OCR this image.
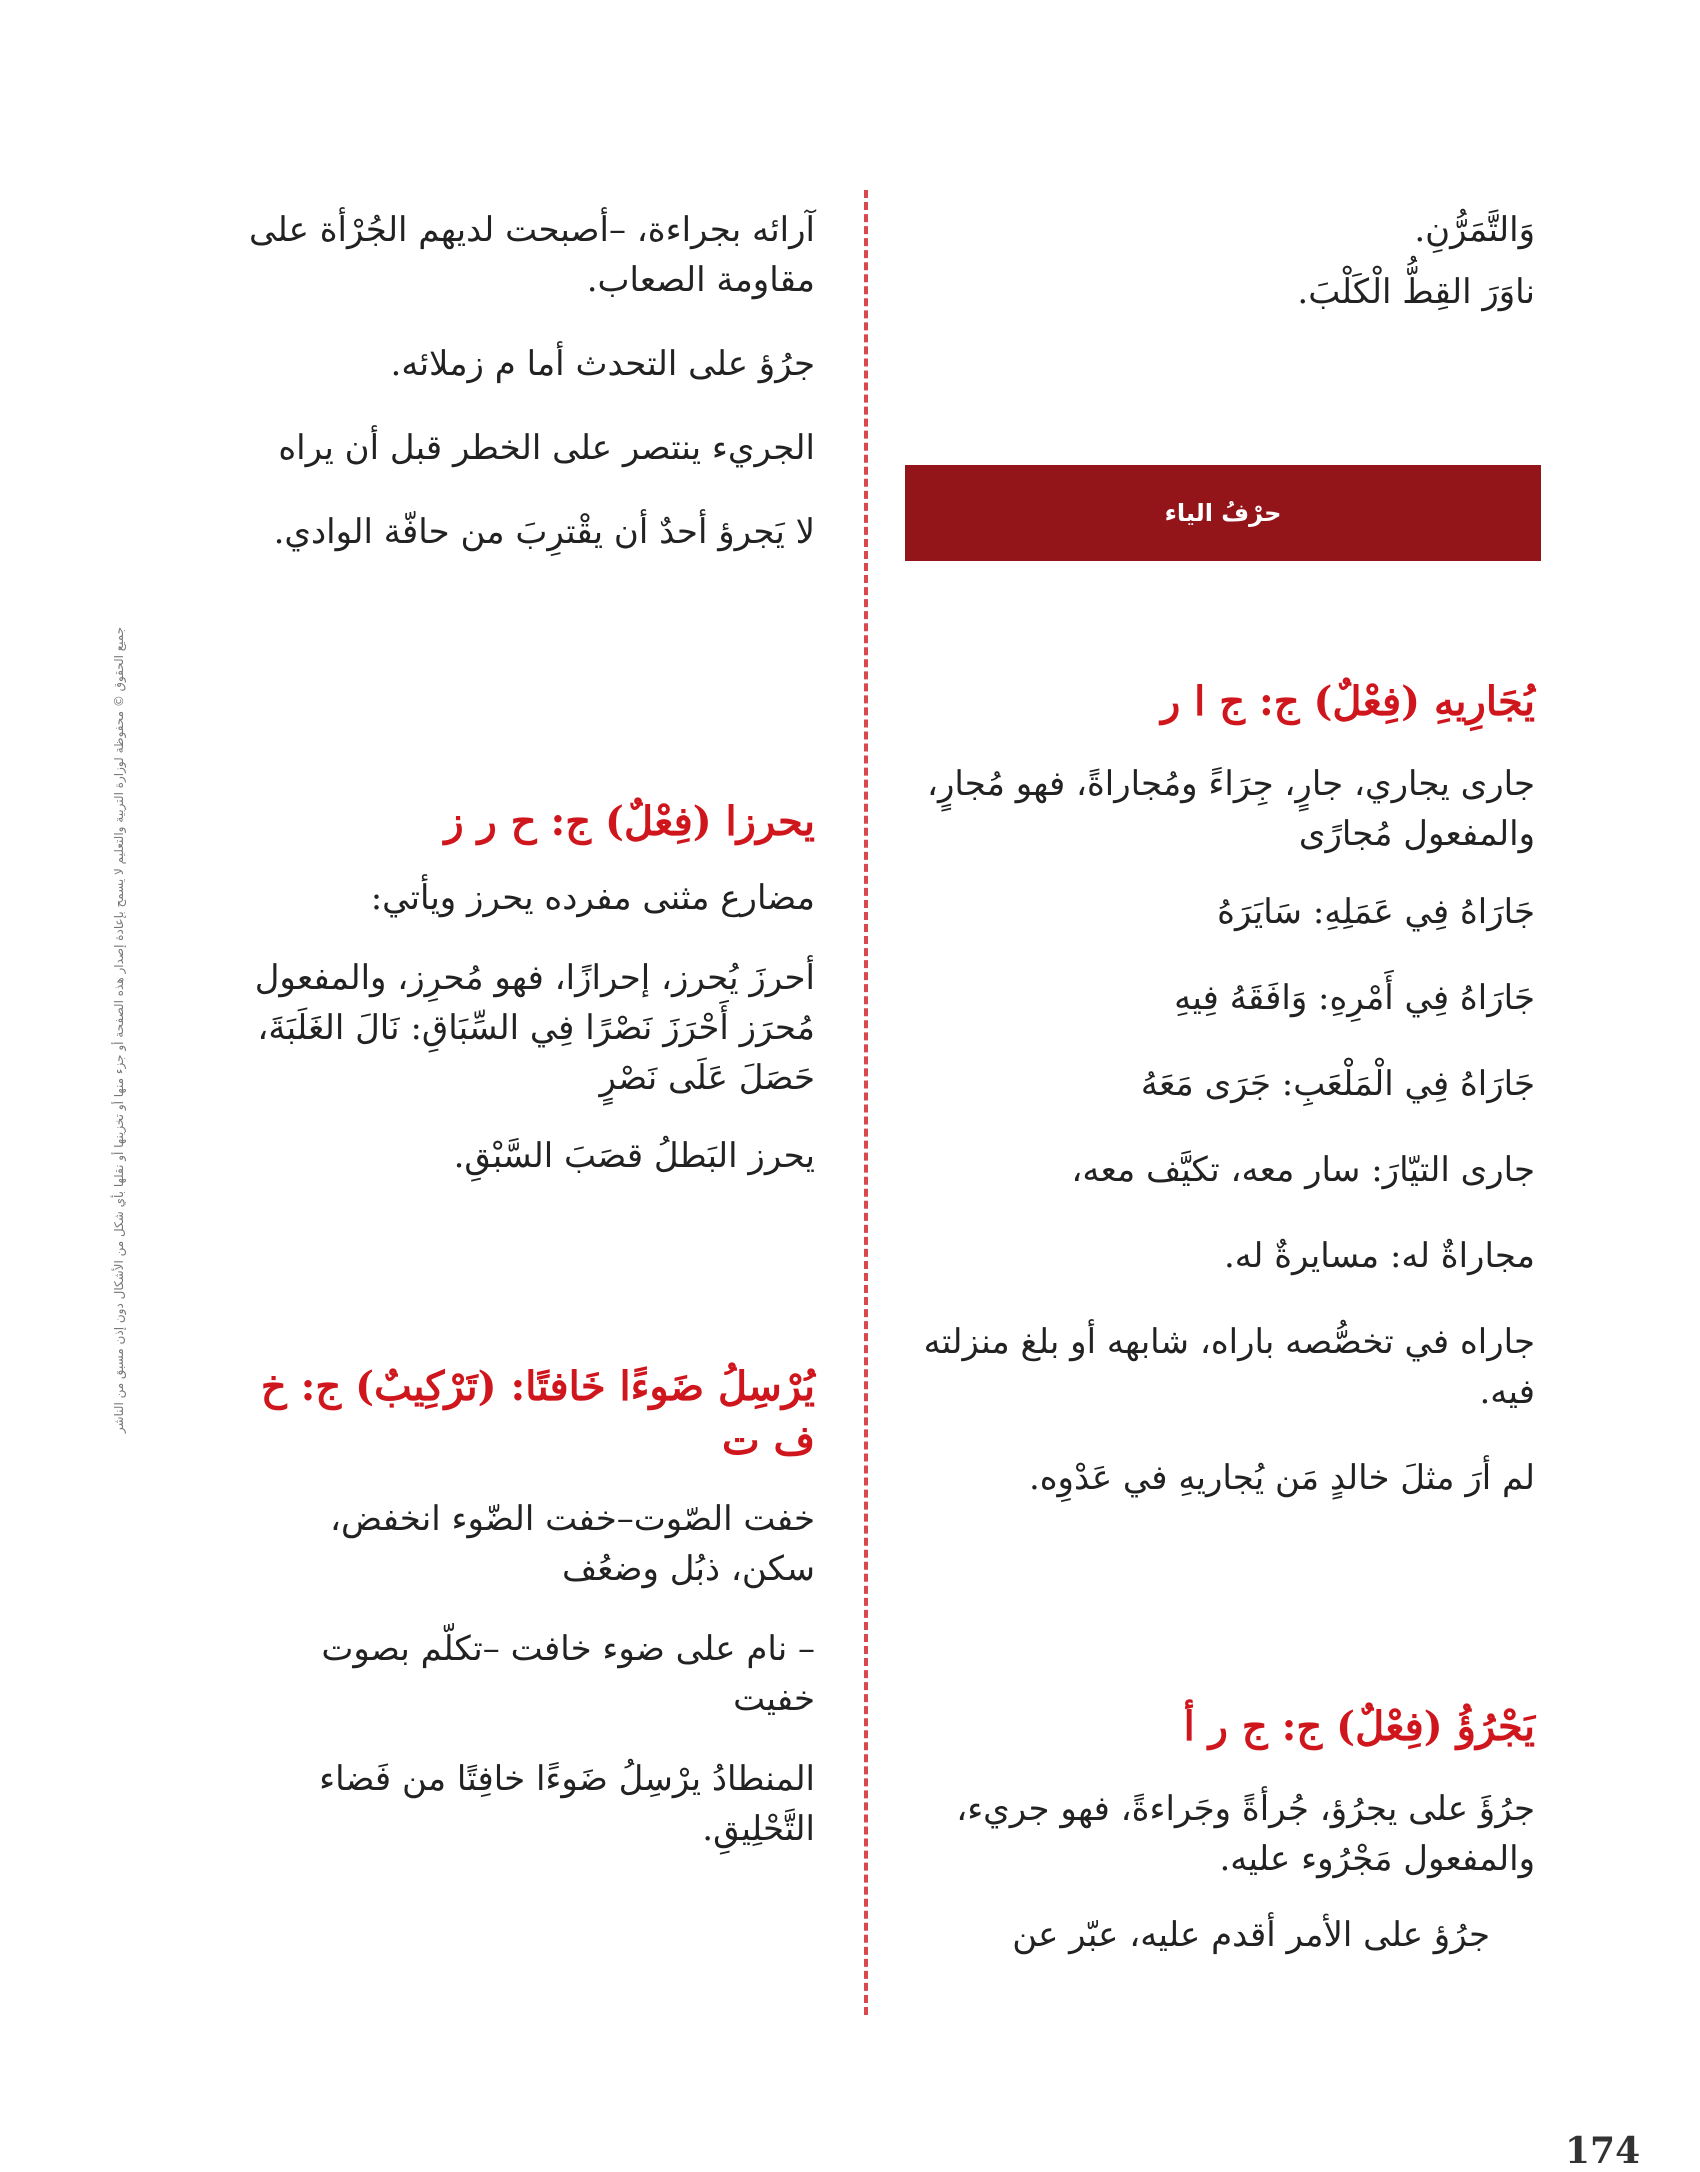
جميع الحقوق © محفوظة لوزارة التربية والتعليم لا يسمح بإعادة إصدار هذه الصفحة أو جزء منها أو تخزينها أو نقلها بأي شكل من الأشكال دون إذن مسبق من الناشر

وَالتَّمَرُّنِ.

ناوَرَ القِطُّ الْكَلْبَ.

حرْفُ الياء

يُجَارِيهِ (فِعْلٌ) ج: ج ا ر

جارى يجاري، جارٍ، جِرَاءً ومُجاراةً، فهو مُجارٍ، والمفعول مُجارًى

جَارَاهُ فِي عَمَلِهِ: سَايَرَهُ

جَارَاهُ فِي أَمْرِهِ: وَافَقَهُ فِيهِ

جَارَاهُ فِي الْمَلْعَبِ: جَرَى مَعَهُ

جارى التيّارَ: سار معه، تكيَّف معه،

مجاراةٌ له: مسايرةٌ له.

جاراه في تخصُّصه باراه، شابهه أو بلغ منزلته فيه.

لم أرَ مثلَ خالدٍ مَن يُجاريهِ في عَدْوِه.

يَجْرُؤُ (فِعْلٌ) ج: ج ر أ

جرُؤَ على يجرُؤ، جُرأةً وجَراءةً، فهو جريء، والمفعول مَجْرُوء عليه.

جرُؤ على الأمر أقدم عليه، عبّر عن

آرائه بجراءة، –أصبحت لديهم الجُرْأة على مقاومة الصعاب.

جرُؤ على التحدث أما م زملائه.

الجريء ينتصر على الخطر قبل أن يراه

لا يَجرؤ أحدٌ أن يقْترِبَ من حافّة الوادي.

يحرزا (فِعْلٌ) ج: ح ر ز

مضارع مثنى مفرده يحرز ويأتي:

أحرزَ يُحرز، إحرازًا، فهو مُحرِز، والمفعول مُحرَز أَحْرَزَ نَصْرًا فِي السِّبَاقِ: نَالَ الغَلَبَةَ، حَصَلَ عَلَى نَصْرٍ

يحرز البَطلُ قصَبَ السَّبْقِ.

يُرْسِلُ ضَوءًا خَافتًا: (تَرْكِيبٌ) ج: خ ف ت

خفت الصّوت–خفت الضّوء انخفض، سكن، ذبُل وضعُف

– نام على ضوء خافت –تكلّم بصوت خفيت

المنطادُ يرْسِلُ ضَوءًا خافِتًا من فَضاء التَّحْلِيقِ.

174
